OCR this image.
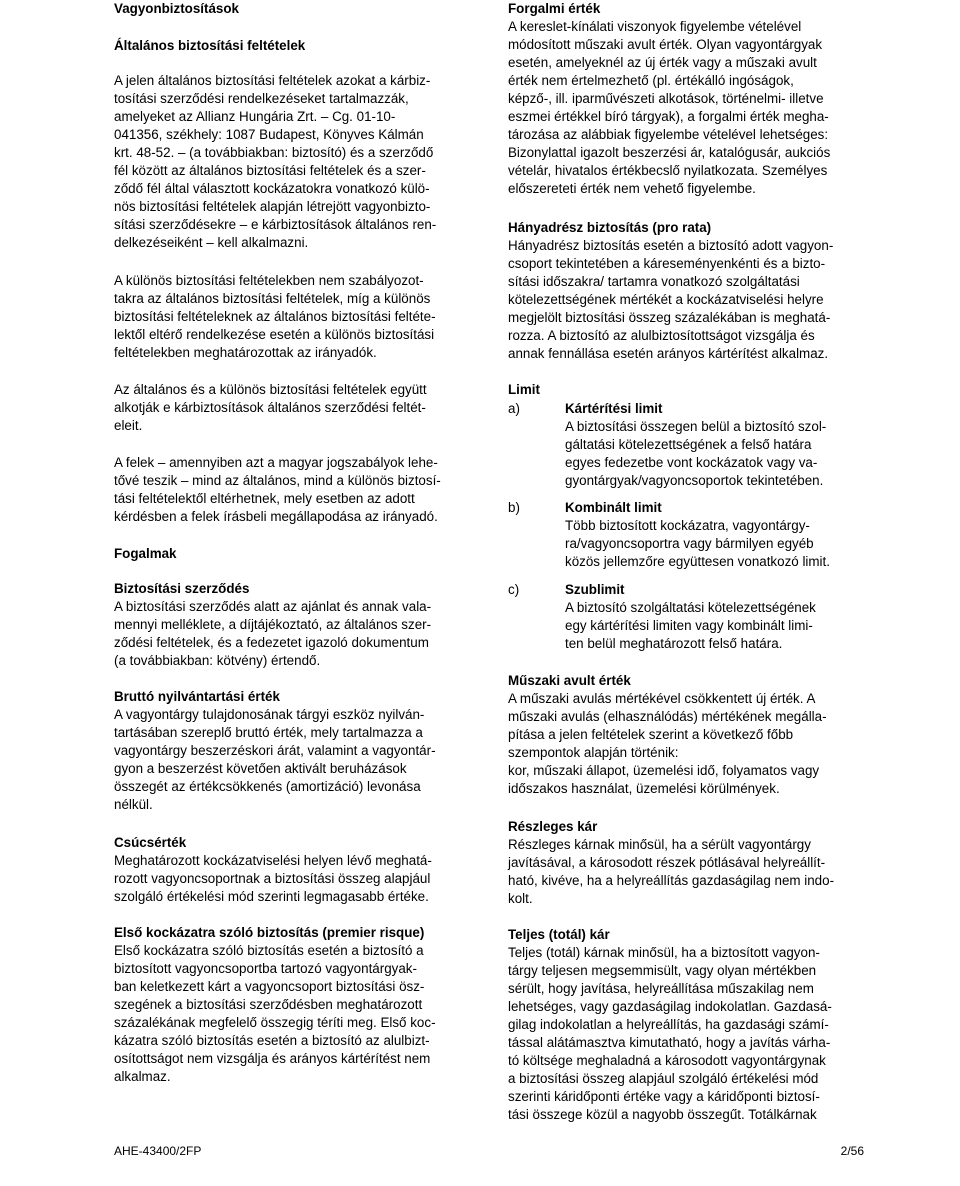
Vagyonbiztosítások

Általános biztosítási feltételek

A jelen általános biztosítási feltételek azokat a kárbiz-
tosítási szerződési rendelkezéseket tartalmazzák,
amelyeket az Allianz Hungária Zrt. – Cg. 01-10-
041356, székhely: 1087 Budapest, Könyves Kálmán
krt. 48-52. – (a továbbiakban: biztosító) és a szerződő
fél között az általános biztosítási feltételek és a szer-
ződő fél által választott kockázatokra vonatkozó külö-
nös biztosítási feltételek alapján létrejött vagyonbizto-
sítási szerződésekre – e kárbiztosítások általános ren-
delkezéseiként – kell alkalmazni.

A különös biztosítási feltételekben nem szabályozot-
takra az általános biztosítási feltételek, míg a különös
biztosítási feltételeknek az általános biztosítási feltéte-
lektől eltérő rendelkezése esetén a különös biztosítási
feltételekben meghatározottak az irányadók.

Az általános és a különös biztosítási feltételek együtt
alkotják e kárbiztosítások általános szerződési feltét-
eleit.

A felek – amennyiben azt a magyar jogszabályok lehe-
tővé teszik – mind az általános, mind a különös biztosí-
tási feltételektől eltérhetnek, mely esetben az adott
kérdésben a felek írásbeli megállapodása az irányadó.

Fogalmak

Biztosítási szerződés

A biztosítási szerződés alatt az ajánlat és annak vala-
mennyi melléklete, a díjtájékoztató, az általános szer-
ződési feltételek, és a fedezetet igazoló dokumentum
(a továbbiakban: kötvény) értendő.

Bruttó nyilvántartási érték

A vagyontárgy tulajdonosának tárgyi eszköz nyilván-
tartásában szereplő bruttó érték, mely tartalmazza a
vagyontárgy beszerzéskori árát, valamint a vagyontár-
gyon a beszerzést követően aktivált beruházások
összegét az értékcsökkenés (amortizáció) levonása
nélkül.

Csúcsérték

Meghatározott kockázatviselési helyen lévő meghatá-
rozott vagyoncsoportnak a biztosítási összeg alapjául
szolgáló értékelési mód szerinti legmagasabb értéke.

Első kockázatra szóló biztosítás (premier risque)

Első kockázatra szóló biztosítás esetén a biztosító a
biztosított vagyoncsoportba tartozó vagyontárgyak-
ban keletkezett kárt a vagyoncsoport biztosítási ösz-
szegének a biztosítási szerződésben meghatározott
százalékának megfelelő összegig téríti meg. Első koc-
kázatra szóló biztosítás esetén a biztosító az alulbizt-
osítottságot nem vizsgálja és arányos kártérítést nem
alkalmaz.

Forgalmi érték

A kereslet-kínálati viszonyok figyelembe vételével
módosított műszaki avult érték. Olyan vagyontárgyak
esetén, amelyeknél az új érték vagy a műszaki avult
érték nem értelmezhető (pl. értékálló ingóságok,
képző-, ill. iparművészeti alkotások, történelmi- illetve
eszmei értékkel bíró tárgyak), a forgalmi érték megha-
tározása az alábbiak figyelembe vételével lehetséges:
Bizonylattal igazolt beszerzési ár, katalógusár, aukciós
vételár, hivatalos értékbecslő nyilatkozata. Személyes
előszereteti érték nem vehető figyelembe.

Hányadrész biztosítás (pro rata)

Hányadrész biztosítás esetén a biztosító adott vagyon-
csoport tekintetében a káreseményenkénti és a bizto-
sítási időszakra/ tartamra vonatkozó szolgáltatási
kötelezettségének mértékét a kockázatviselési helyre
megjelölt biztosítási összeg százalékában is meghatá-
rozza. A biztosító az alulbiztosítottságot vizsgálja és
annak fennállása esetén arányos kártérítést alkalmaz.

Limit

a)	Kártérítési limit
A biztosítási összegen belül a biztosító szol-
gáltatási kötelezettségének a felső határa
egyes fedezetbe vont kockázatok vagy va-
gyontárgyak/vagyoncsoportok tekintetében.
b)	Kombinált limit
Több biztosított kockázatra, vagyontárgy-
ra/vagyoncsoportra vagy bármilyen egyéb
közös jellemzőre együttesen vonatkozó limit.
c)	Szublimit
A biztosító szolgáltatási kötelezettségének
egy kártérítési limiten vagy kombinált limi-
ten belül meghatározott felső határa.

Műszaki avult érték

A műszaki avulás mértékével csökkentett új érték. A
műszaki avulás (elhasználódás) mértékének megálla-
pítása a jelen feltételek szerint a következő főbb
szempontok alapján történik:
kor, műszaki állapot, üzemelési idő, folyamatos vagy
időszakos használat, üzemelési körülmények.

Részleges kár

Részleges kárnak minősül, ha a sérült vagyontárgy
javításával, a károsodott részek pótlásával helyreállít-
ható, kivéve, ha a helyreállítás gazdaságilag nem indo-
kolt.

Teljes (totál) kár

Teljes (totál) kárnak minősül, ha a biztosított vagyon-
tárgy teljesen megsemmisült, vagy olyan mértékben
sérült, hogy javítása, helyreállítása műszakilag nem
lehetséges, vagy gazdaságilag indokolatlan. Gazdasá-
gilag indokolatlan a helyreállítás, ha gazdasági számí-
tással alátámasztva kimutatható, hogy a javítás várha-
tó költsége meghaladná a károsodott vagyontárgynak
a biztosítási összeg alapjául szolgáló értékelési mód
szerinti káridőponti értéke vagy a káridőponti biztosí-
tási összege közül a nagyobb összegűt. Totálkárnak

AHE-43400/2FP	2/56
